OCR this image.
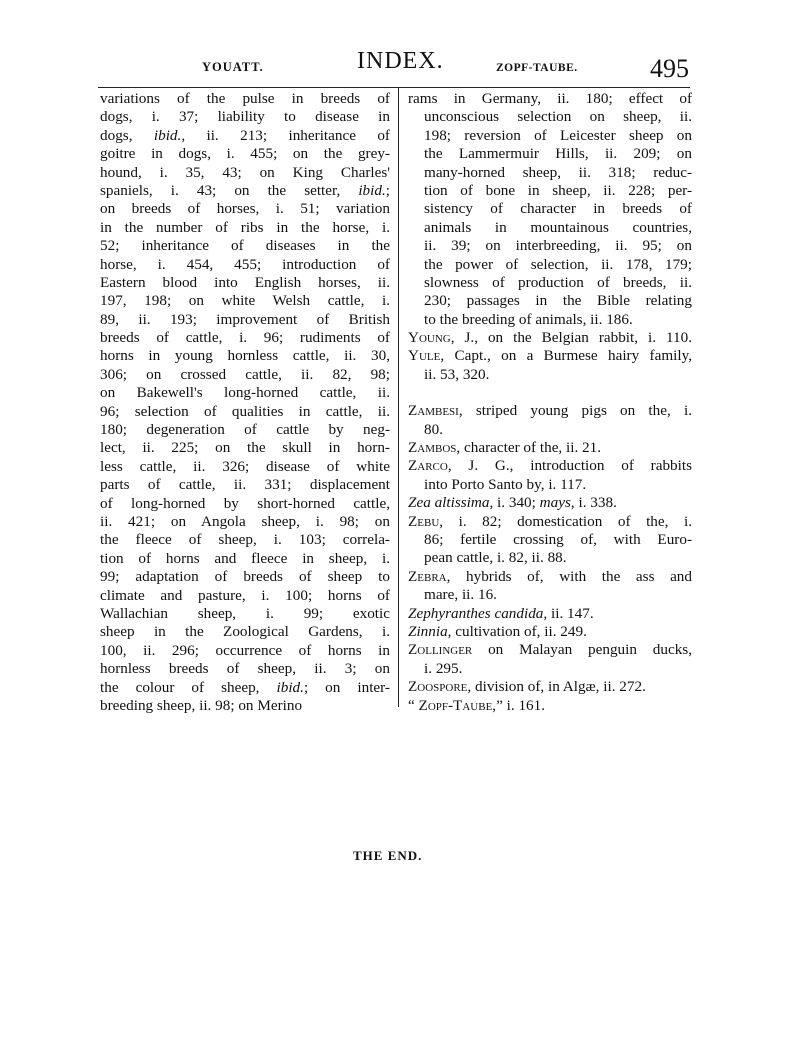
YOUATT.	INDEX.	ZOPF-TAUBE.	495
variations of the pulse in breeds of
dogs, i. 37; liability to disease in
dogs, ibid., ii. 213; inheritance of
goitre in dogs, i. 455; on the grey-
hound, i. 35, 43; on King Charles'
spaniels, i. 43; on the setter, ibid.;
on breeds of horses, i. 51; variation
in the number of ribs in the horse, i.
52; inheritance of diseases in the
horse, i. 454, 455; introduction of
Eastern blood into English horses, ii.
197, 198; on white Welsh cattle, i.
89, ii. 193; improvement of British
breeds of cattle, i. 96; rudiments of
horns in young hornless cattle, ii. 30,
306; on crossed cattle, ii. 82, 98;
on Bakewell's long-horned cattle, ii.
96; selection of qualities in cattle, ii.
180; degeneration of cattle by neg-
lect, ii. 225; on the skull in horn-
less cattle, ii. 326; disease of white
parts of cattle, ii. 331; displacement
of long-horned by short-horned cattle,
ii. 421; on Angola sheep, i. 98; on
the fleece of sheep, i. 103; correla-
tion of horns and fleece in sheep, i.
99; adaptation of breeds of sheep to
climate and pasture, i. 100; horns of
Wallachian sheep, i. 99; exotic
sheep in the Zoological Gardens, i.
100, ii. 296; occurrence of horns in
hornless breeds of sheep, ii. 3; on
the colour of sheep, ibid.; on inter-
breeding sheep, ii. 98; on Merino
rams in Germany, ii. 180; effect of
unconscious selection on sheep, ii.
198; reversion of Leicester sheep on
the Lammermuir Hills, ii. 209; on
many-horned sheep, ii. 318; reduc-
tion of bone in sheep, ii. 228; per-
sistency of character in breeds of
animals in mountainous countries,
ii. 39; on interbreeding, ii. 95; on
the power of selection, ii. 178, 179;
slowness of production of breeds, ii.
230; passages in the Bible relating
to the breeding of animals, ii. 186.
Young, J., on the Belgian rabbit, i. 110.
Yule, Capt., on a Burmese hairy family,
ii. 53, 320.
Zambesi, striped young pigs on the, i.
80.
Zambos, character of the, ii. 21.
Zarco, J. G., introduction of rabbits
into Porto Santo by, i. 117.
Zea altissima, i. 340; mays, i. 338.
Zebu, i. 82; domestication of the, i.
86; fertile crossing of, with Euro-
pean cattle, i. 82, ii. 88.
Zebra, hybrids of, with the ass and
mare, ii. 16.
Zephyranthes candida, ii. 147.
Zinnia, cultivation of, ii. 249.
Zollinger on Malayan penguin ducks,
i. 295.
Zoospore, division of, in Algæ, ii. 272.
“ Zopf-Taube,” i. 161.
THE END.
